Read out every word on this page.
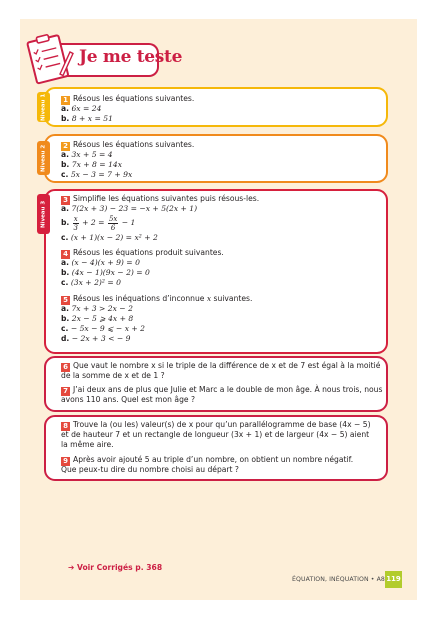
Je me teste
Niveau 1 1 Résous les équations suivantes.
a. 6x = 24
b. 8 + x = 51
Niveau 2 2 Résous les équations suivantes.
a. 3x + 5 = 4
b. 7x + 8 = 14x
c. 5x − 3 = 7 + 9x
Niveau 3
3 Simplifie les équations suivantes puis résous-les.
a. 7(2x + 3) − 23 = −x + 5(2x + 1)
b. $\frac{x}{3} + 2 = \frac{5x}{6} - 1$
c. (x + 1)(x − 2) = x² + 2
4 Résous les équations produit suivantes.
a. (x − 4)(x + 9) = 0
b. (4x − 1)(9x − 2) = 0
c. (3x + 2)² = 0
5 Résous les inéquations d’inconnue x suivantes.
a. 7x + 3 > 2x − 2
b. 2x − 5 ⩾ 4x + 8
c. − 5x − 9 ⩽ − x + 2
d. − 2x + 3 < − 9
6 Que vaut le nombre x si le triple de la différence de x et de 7 est égal à la moitié
de la somme de x et de 1 ?
7 J’ai deux ans de plus que Julie et Marc a le double de mon âge. À nous trois, nous
avons 110 ans. Quel est mon âge ?
8 Trouve la (ou les) valeur(s) de x pour qu’un parallélogramme de base (4x − 5)
et de hauteur 7 et un rectangle de longueur (3x + 1) et de largeur (4x − 5) aient
la même aire.
9 Après avoir ajouté 5 au triple d’un nombre, on obtient un nombre négatif.
Que peux-tu dire du nombre choisi au départ ?
➔ Voir Corrigés p. 368
ÉQUATION, INÉQUATION • A8 119
